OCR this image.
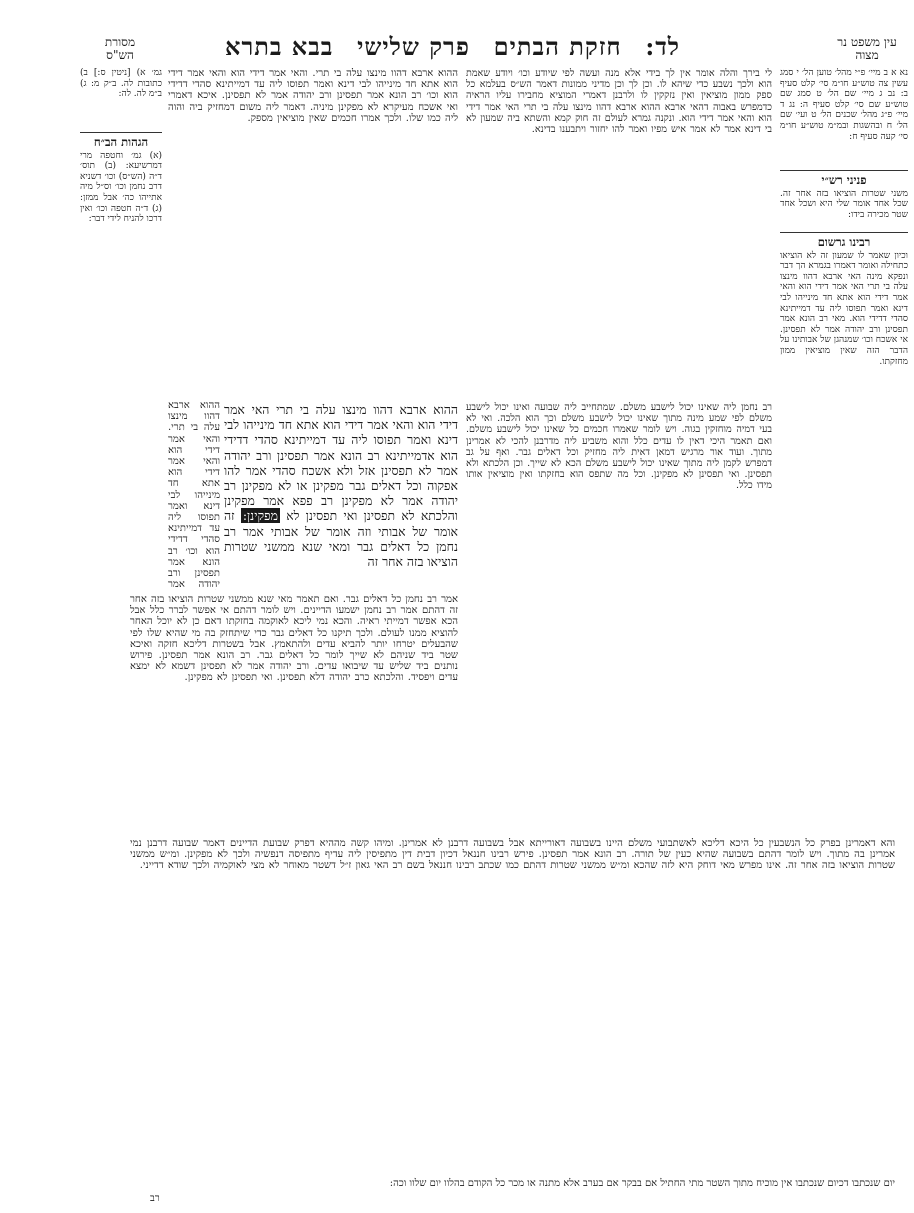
לד:
חזקת הבתים
פרק שלישי
בבא בתרא	עין משפט נר מצוה
מסורת הש"ס
נא א ב מיי׳ פ״י מהל׳ טוען הל׳ י סמג עשין צה טוש״ע חו״מ סי׳ קלט סעיף ב: נב ג מיי׳ שם הל׳ ט סמג שם טוש״ע שם סי׳ קלט סעיף ה: נג ד מיי׳ פ״ג מהל׳ שכנים הל׳ ט ועי׳ שם הל׳ ח ובהשגות ובמ״מ טוש״ע חו״מ סי׳ קעה סעיף ח:
פניני רש״י
משני שטרות הוציאו בזה אחר זה. שכל אחד אומר שלי היא ושכל אחד שטר מכירה בידו:
רבינו גרשום
וכיון שאמר לו שמעון זה לא הוציאו כתחילה ואומר דאמרו בגמרא הך דבר ונפקא מינה האי ארבא דהוו מינצו עלה בי תרי האי אמר דידי הוא והאי אמר דידי הוא אתא חד מינייהו לבי דינא ואמר תפוסו ליה עד דמייתינא סהדי דדידי הוא. מאי רב הונא אמר תפסינן ורב יהודה אמר לא תפסינן. אי אשכח וכו׳ שמנהגן של אבותינו על הדבר הזה שאין מוציאין ממון מחזקתו.
גמ׳ א) [ניטין ס:] ב) כתובות לה. ב״ק מ: ג) ב״מ לה. לה:
הגהות הב״ח
(א) גמ׳ וחטפה מרי דמרשיעא: (ב) תוס׳ ד״ה (הש״ס) וכו׳ דשניא דרב נחמן וכו׳ וס״ל מיה אתייהו כה׳ אבל ממזן: (ג) ד״ה חטפה וכו׳ ואין דרכו להניח לידי דבר:
לי בירך והלה אומר אין לך בידי אלא מנה ועשה לפי שיודע וכו׳ ויודע שאמת הוא ולכך נשבע כדי שיהא לו. וכן לך וכן מדיני ממונות דאמר הש״ס בעלמא כל ספק ממון מוציאין ואין נזקקין לו ולרבנן דאמרי המוציא מחבירו עליו הראיה כדמפרש באבוה דהאי ארבא ההוא ארבא דהוו מינצו עלה בי תרי האי אמר דידי הוא והאי אמר דידי הוא. ונקנה גמרא לעולם זה חוק קמא והשתא ביה שמעון לא בי דינא אמר לא אמר איש מפיו ואמר להו יחזור ויתבענו בדינא.
ההוא ארבא דהוו מינצו עלה בי תרי. והאי אמר דידי הוא והאי אמר דידי הוא אתא חד מינייהו לבי דינא ואמר תפוסו ליה עד דמייתינא סהדי דדידי הוא וכו׳ רב הונא אמר תפסינן ורב יהודה אמר לא תפסינן. איכא דאמרי ואי אשכח מעיקרא לא מפקינן מיניה. דאמר ליה משום דמחזיק ביה והוה ליה כמו שלו. ולכך אמרו חכמים שאין מוציאין מספק.
ההוא ארבא דהוו מינצו עלה בי תרי האי אמר דידי הוא והאי אמר דידי הוא אתא חד מינייהו לבי דינא ואמר תפוסו ליה עד דמייתינא סהדי דדידי הוא ‏אדמייתינא רב הונא אמר תפסינן ורב יהודה אמר לא תפסינן אזל ולא אשכח סהדי אמר להו אפקוה וכל דאלים גבר מפקינן או לא מפקינן רב יהודה אמר לא מפקינן רב פפא אמר מפקינן והלכתא לא תפסינן ואי תפסינן לא מפקינן: זה אומר של אבותי וזה אומר של אבותי אמר רב נחמן כל דאלים גבר ומאי שנא ממשני שטרות הוציאו בזה אחר זה
רב נחמן ליה שאינו יכול לישבע משלם. שמתחייב ליה שבועה ואינו יכול לישבע משלם לפי שמע מינה מתוך שאינו יכול לישבע משלם וכך הוא הלכה. ואי לא בעי דמיה מוחזקין בגוה. ויש לומר שאמרו חכמים כל שאינו יכול לישבע משלם. ואם תאמר היכי דאין לו עדים כלל והוא משביע ליה מדרבנן להכי לא אמרינן מתוך. ועוד אור מרגיש דמאן דאית ליה מחזיק וכל דאלים גבר. ואף על גב דמפרש לקמן ליה מתוך שאינו יכול לישבע משלם הכא לא שייך. וכן הלכתא ולא תפסינן. ואי תפסינן לא מפקינן. וכל מה שתפס הוא בחזקתו ואין מוציאין אותו מידו כלל.
ההוא ארבא דהוו מינצו עלה בי תרי. והאי אמר דידי הוא והאי אמר דידי הוא אתא חד מינייהו לבי דינא ואמר תפוסו ליה עד דמייתינא סהדי דדידי הוא וכו׳ רב הונא אמר תפסינן ורב יהודה אמר
אמר רב נחמן כל דאלים גבר. ואם תאמר מאי שנא ממשני שטרות הוציאו בזה אחר זה דהתם אמר רב נחמן ישמעו הדיינים. ויש לומר דהתם אי אפשר לברר כלל אבל הכא אפשר דמייתי ראיה. והכא נמי ליכא לאוקמה בחזקתו דאם כן לא יוכל האחר להוציא ממנו לעולם. ולכך תיקנו כל דאלים גבר כדי שיתחזק בה מי שהיא שלו לפי שהבעלים יטרחו יותר להביא עדים ולהתאמץ. אבל בשטרות דליכא חזקה ואיכא שטר ביד שניהם לא שייך לומר כל דאלים גבר. רב הונא אמר תפסינן. פירוש נותנים ביד שליש עד שיבואו עדים. ורב יהודה אמר לא תפסינן דשמא לא ימצא עדים ויפסיד. והלכתא כרב יהודה דלא תפסינן. ואי תפסינן לא מפקינן.
והא דאמרינן בפרק כל הנשבעין כל היכא דליכא לאשתבועי משלם היינו בשבועה דאורייתא אבל בשבועה דרבנן לא אמרינן. ומיהו קשה מההיא דפרק שבועת הדיינים דאמר שבועה דרבנן נמי אמרינן בה מתוך. ויש לומר דהתם בשבועה שהיא כעין של תורה. רב הונא אמר תפסינן. פירש רבינו חננאל דכיון דבית דין מתפיסין ליה עדיף מתפיסה דנפשיה ולכך לא מפקינן. ומ״ש ממשני שטרות הוציאו בזה אחר זה. אינו מפרש מאי דוחק היא לזה שהכא ומ״ש ממשני שטרות דהתם כמו שכתב רבינו חננאל בשם רב האי גאון ז״ל דשטר מאוחר לא מצי לאוקמיה ולכך שודא דדייני.
יום שנכתבו דכיום שנכתבו אין מוכיח מתוך השטר מתי החתיל אם בבקר אם בערב אלא מתנה או מכר כל הקודם בהלוו יום שלוו וכה:
רב
